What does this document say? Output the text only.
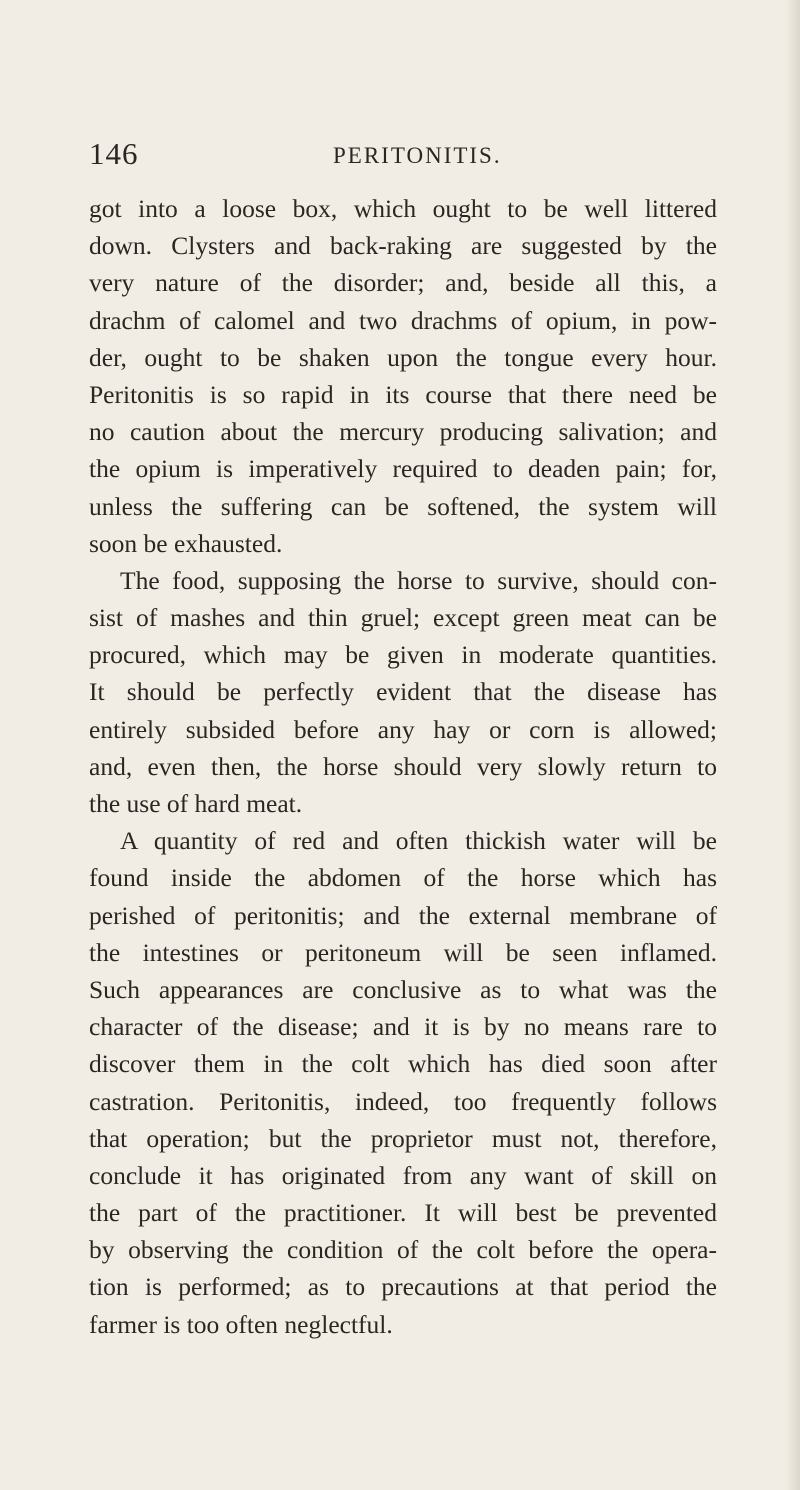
146	PERITONITIS.
got into a loose box, which ought to be well littered
down. Clysters and back-raking are suggested by the
very nature of the disorder; and, beside all this, a
drachm of calomel and two drachms of opium, in pow-
der, ought to be shaken upon the tongue every hour.
Peritonitis is so rapid in its course that there need be
no caution about the mercury producing salivation; and
the opium is imperatively required to deaden pain; for,
unless the suffering can be softened, the system will
soon be exhausted.
The food, supposing the horse to survive, should con-
sist of mashes and thin gruel; except green meat can be
procured, which may be given in moderate quantities.
It should be perfectly evident that the disease has
entirely subsided before any hay or corn is allowed;
and, even then, the horse should very slowly return to
the use of hard meat.
A quantity of red and often thickish water will be
found inside the abdomen of the horse which has
perished of peritonitis; and the external membrane of
the intestines or peritoneum will be seen inflamed.
Such appearances are conclusive as to what was the
character of the disease; and it is by no means rare to
discover them in the colt which has died soon after
castration. Peritonitis, indeed, too frequently follows
that operation; but the proprietor must not, therefore,
conclude it has originated from any want of skill on
the part of the practitioner. It will best be prevented
by observing the condition of the colt before the opera-
tion is performed; as to precautions at that period the
farmer is too often neglectful.
